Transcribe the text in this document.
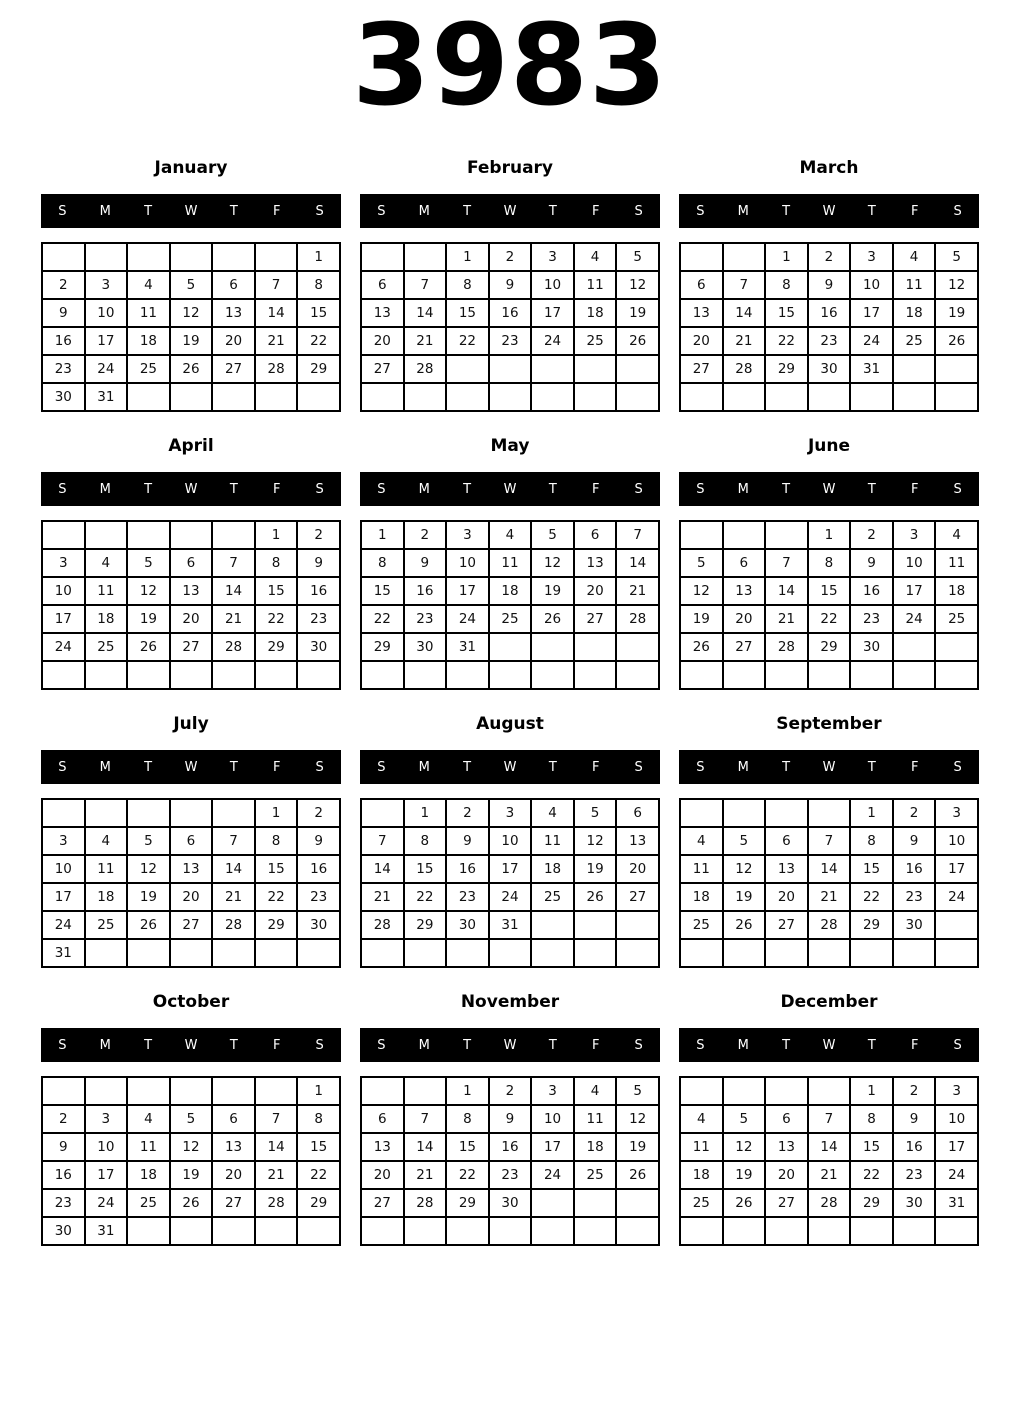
3983
January
S	M	T	W	T	F	S
						1
2	3	4	5	6	7	8
9	10	11	12	13	14	15
16	17	18	19	20	21	22
23	24	25	26	27	28	29
30	31					
February
S	M	T	W	T	F	S
		1	2	3	4	5
6	7	8	9	10	11	12
13	14	15	16	17	18	19
20	21	22	23	24	25	26
27	28					

March
S	M	T	W	T	F	S
		1	2	3	4	5
6	7	8	9	10	11	12
13	14	15	16	17	18	19
20	21	22	23	24	25	26
27	28	29	30	31		

April
S	M	T	W	T	F	S
					1	2
3	4	5	6	7	8	9
10	11	12	13	14	15	16
17	18	19	20	21	22	23
24	25	26	27	28	29	30

May
S	M	T	W	T	F	S
1	2	3	4	5	6	7
8	9	10	11	12	13	14
15	16	17	18	19	20	21
22	23	24	25	26	27	28
29	30	31				

June
S	M	T	W	T	F	S
			1	2	3	4
5	6	7	8	9	10	11
12	13	14	15	16	17	18
19	20	21	22	23	24	25
26	27	28	29	30		

July
S	M	T	W	T	F	S
					1	2
3	4	5	6	7	8	9
10	11	12	13	14	15	16
17	18	19	20	21	22	23
24	25	26	27	28	29	30
31						
August
S	M	T	W	T	F	S
	1	2	3	4	5	6
7	8	9	10	11	12	13
14	15	16	17	18	19	20
21	22	23	24	25	26	27
28	29	30	31			

September
S	M	T	W	T	F	S
				1	2	3
4	5	6	7	8	9	10
11	12	13	14	15	16	17
18	19	20	21	22	23	24
25	26	27	28	29	30	

October
S	M	T	W	T	F	S
						1
2	3	4	5	6	7	8
9	10	11	12	13	14	15
16	17	18	19	20	21	22
23	24	25	26	27	28	29
30	31					
November
S	M	T	W	T	F	S
		1	2	3	4	5
6	7	8	9	10	11	12
13	14	15	16	17	18	19
20	21	22	23	24	25	26
27	28	29	30			

December
S	M	T	W	T	F	S
				1	2	3
4	5	6	7	8	9	10
11	12	13	14	15	16	17
18	19	20	21	22	23	24
25	26	27	28	29	30	31
